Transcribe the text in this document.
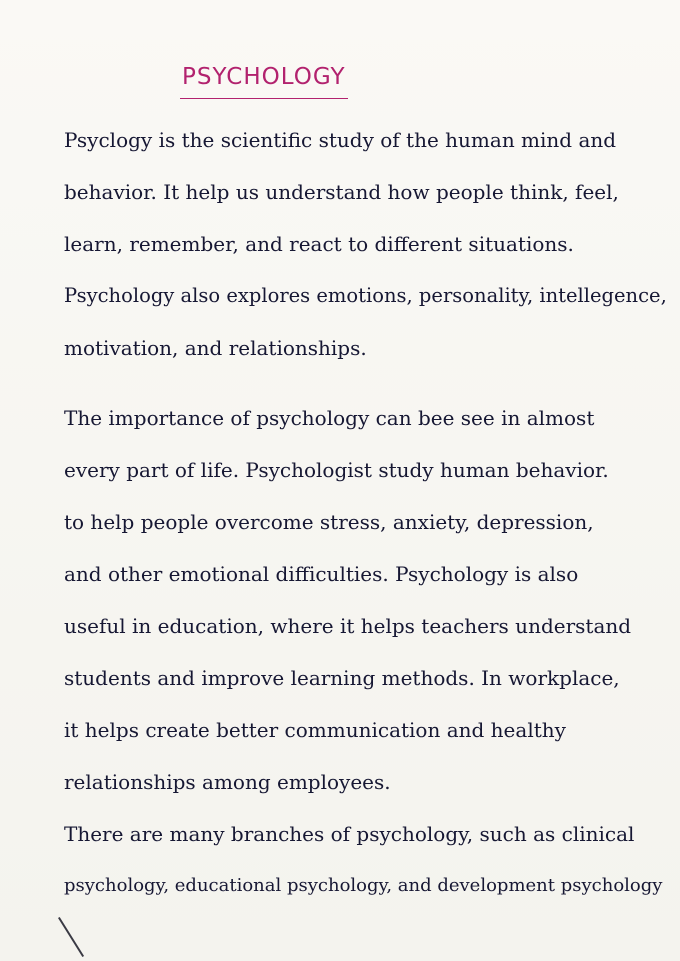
PSYCHOLOGY

Psyclogy is the scientific study of the human mind and
behavior. It help us understand how people think, feel,
learn, remember, and react to different situations.
Psychology also explores emotions, personality, intellegence,
motivation, and relationships.

The importance of psychology can bee see in almost
every part of life. Psychologist study human behavior.
to help people overcome stress, anxiety, depression,
and other emotional difficulties. Psychology is also
useful in education, where it helps teachers understand
students and improve learning methods. In workplace,
it helps create better communication and healthy
relationships among employees.

There are many branches of psychology, such as clinical
psychology, educational psychology, and development psychology
